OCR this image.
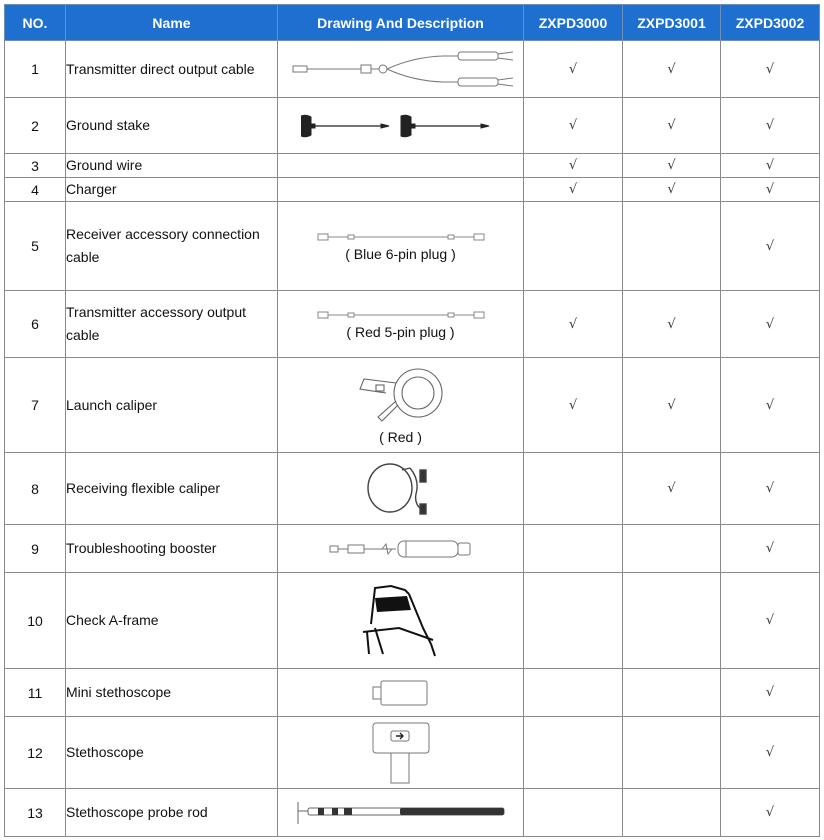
NO.	Name	Drawing And Description	ZXPD3000	ZXPD3001	ZXPD3002
1	Transmitter direct output cable		√	√	√
2	Ground stake		√	√	√
3	Ground wire		√	√	√
4	Charger		√	√	√
5	Receiver accessory connection cable	( Blue 6-pin plug )			√
6	Transmitter accessory output cable	( Red 5-pin plug )	√	√	√
7	Launch caliper	( Red )	√	√	√
8	Receiving flexible caliper			√	√
9	Troubleshooting booster				√
10	Check A-frame				√
11	Mini stethoscope				√
12	Stethoscope				√
13	Stethoscope probe rod				√
